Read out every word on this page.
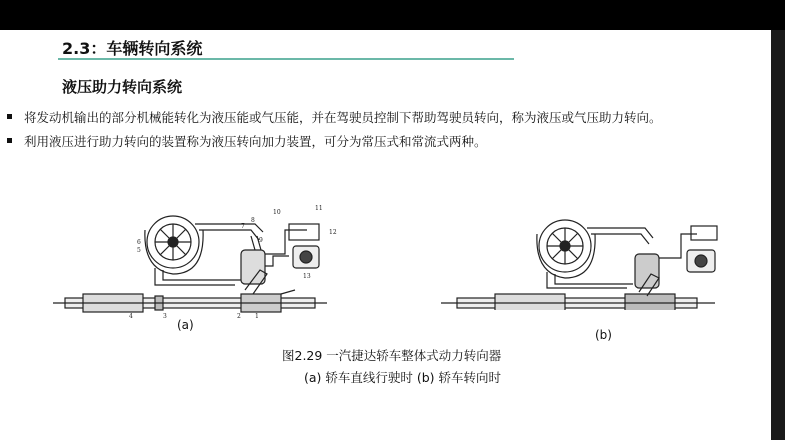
2.3：车辆转向系统
液压助力转向系统
将发动机输出的部分机械能转化为液压能或气压能，并在驾驶员控制下帮助驾驶员转向，称为液压或气压助力转向。
利用液压进行助力转向的装置称为液压转向加力装置，可分为常压式和常流式两种。
6
5
7
8
9
10
11
12
13
4	3	2 1
(a)
(b)
图2.29 一汽捷达轿车整体式动力转向器
(a) 轿车直线行驶时 (b) 轿车转向时
